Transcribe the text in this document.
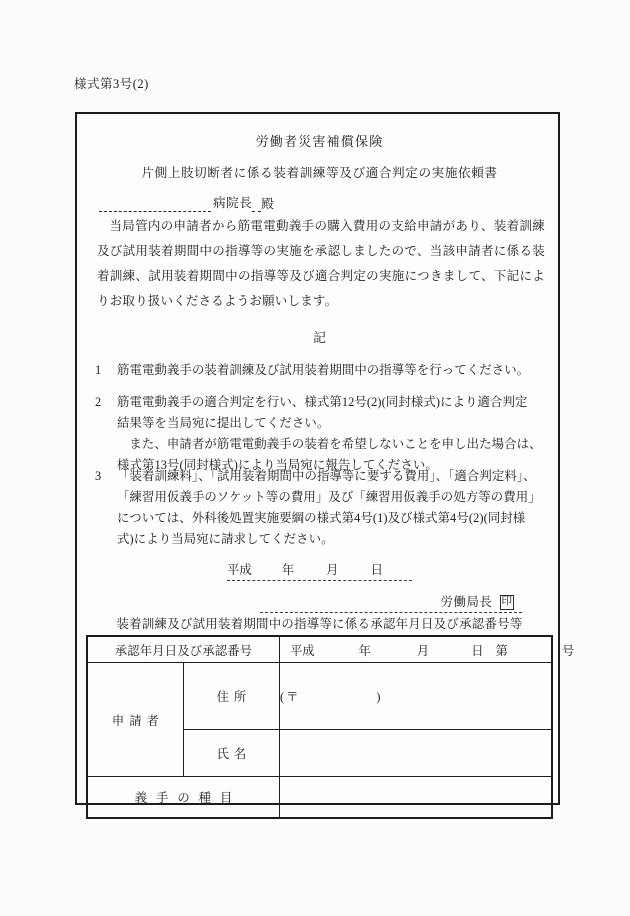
様式第3号(2)
労働者災害補償保険
片側上肢切断者に係る装着訓練等及び適合判定の実施依頼書
病院長 殿
当局管内の申請者から筋電電動義手の購入費用の支給申請があり、装着訓練及び試用装着期間中の指導等の実施を承認しましたので、当該申請者に係る装着訓練、試用装着期間中の指導等及び適合判定の実施につきまして、下記によりお取り扱いくださるようお願いします。
記
1	筋電電動義手の装着訓練及び試用装着期間中の指導等を行ってください。

2	筋電電動義手の適合判定を行い、様式第12号(2)(同封様式)により適合判定

結果等を当局宛に提出してください。

また、申請者が筋電電動義手の装着を希望しないことを申し出た場合は、

様式第13号(同封様式)により当局宛に報告してください。

3	「装着訓練料」、「試用装着期間中の指導等に要する費用」、「適合判定料」、

「練習用仮義手のソケット等の費用」及び「練習用仮義手の処方等の費用」

については、外科後処置実施要綱の様式第4号(1)及び様式第4号(2)(同封様

式)により当局宛に請求してください。

平成 年	月	日
労働局長 印
装着訓練及び試用装着期間中の指導等に係る承認年月日及び承認番号等
承認年月日及び承認番号	平成	年	月	日 第	号

申請者	住所	( 〒 )

	氏名	

義手の種目		
